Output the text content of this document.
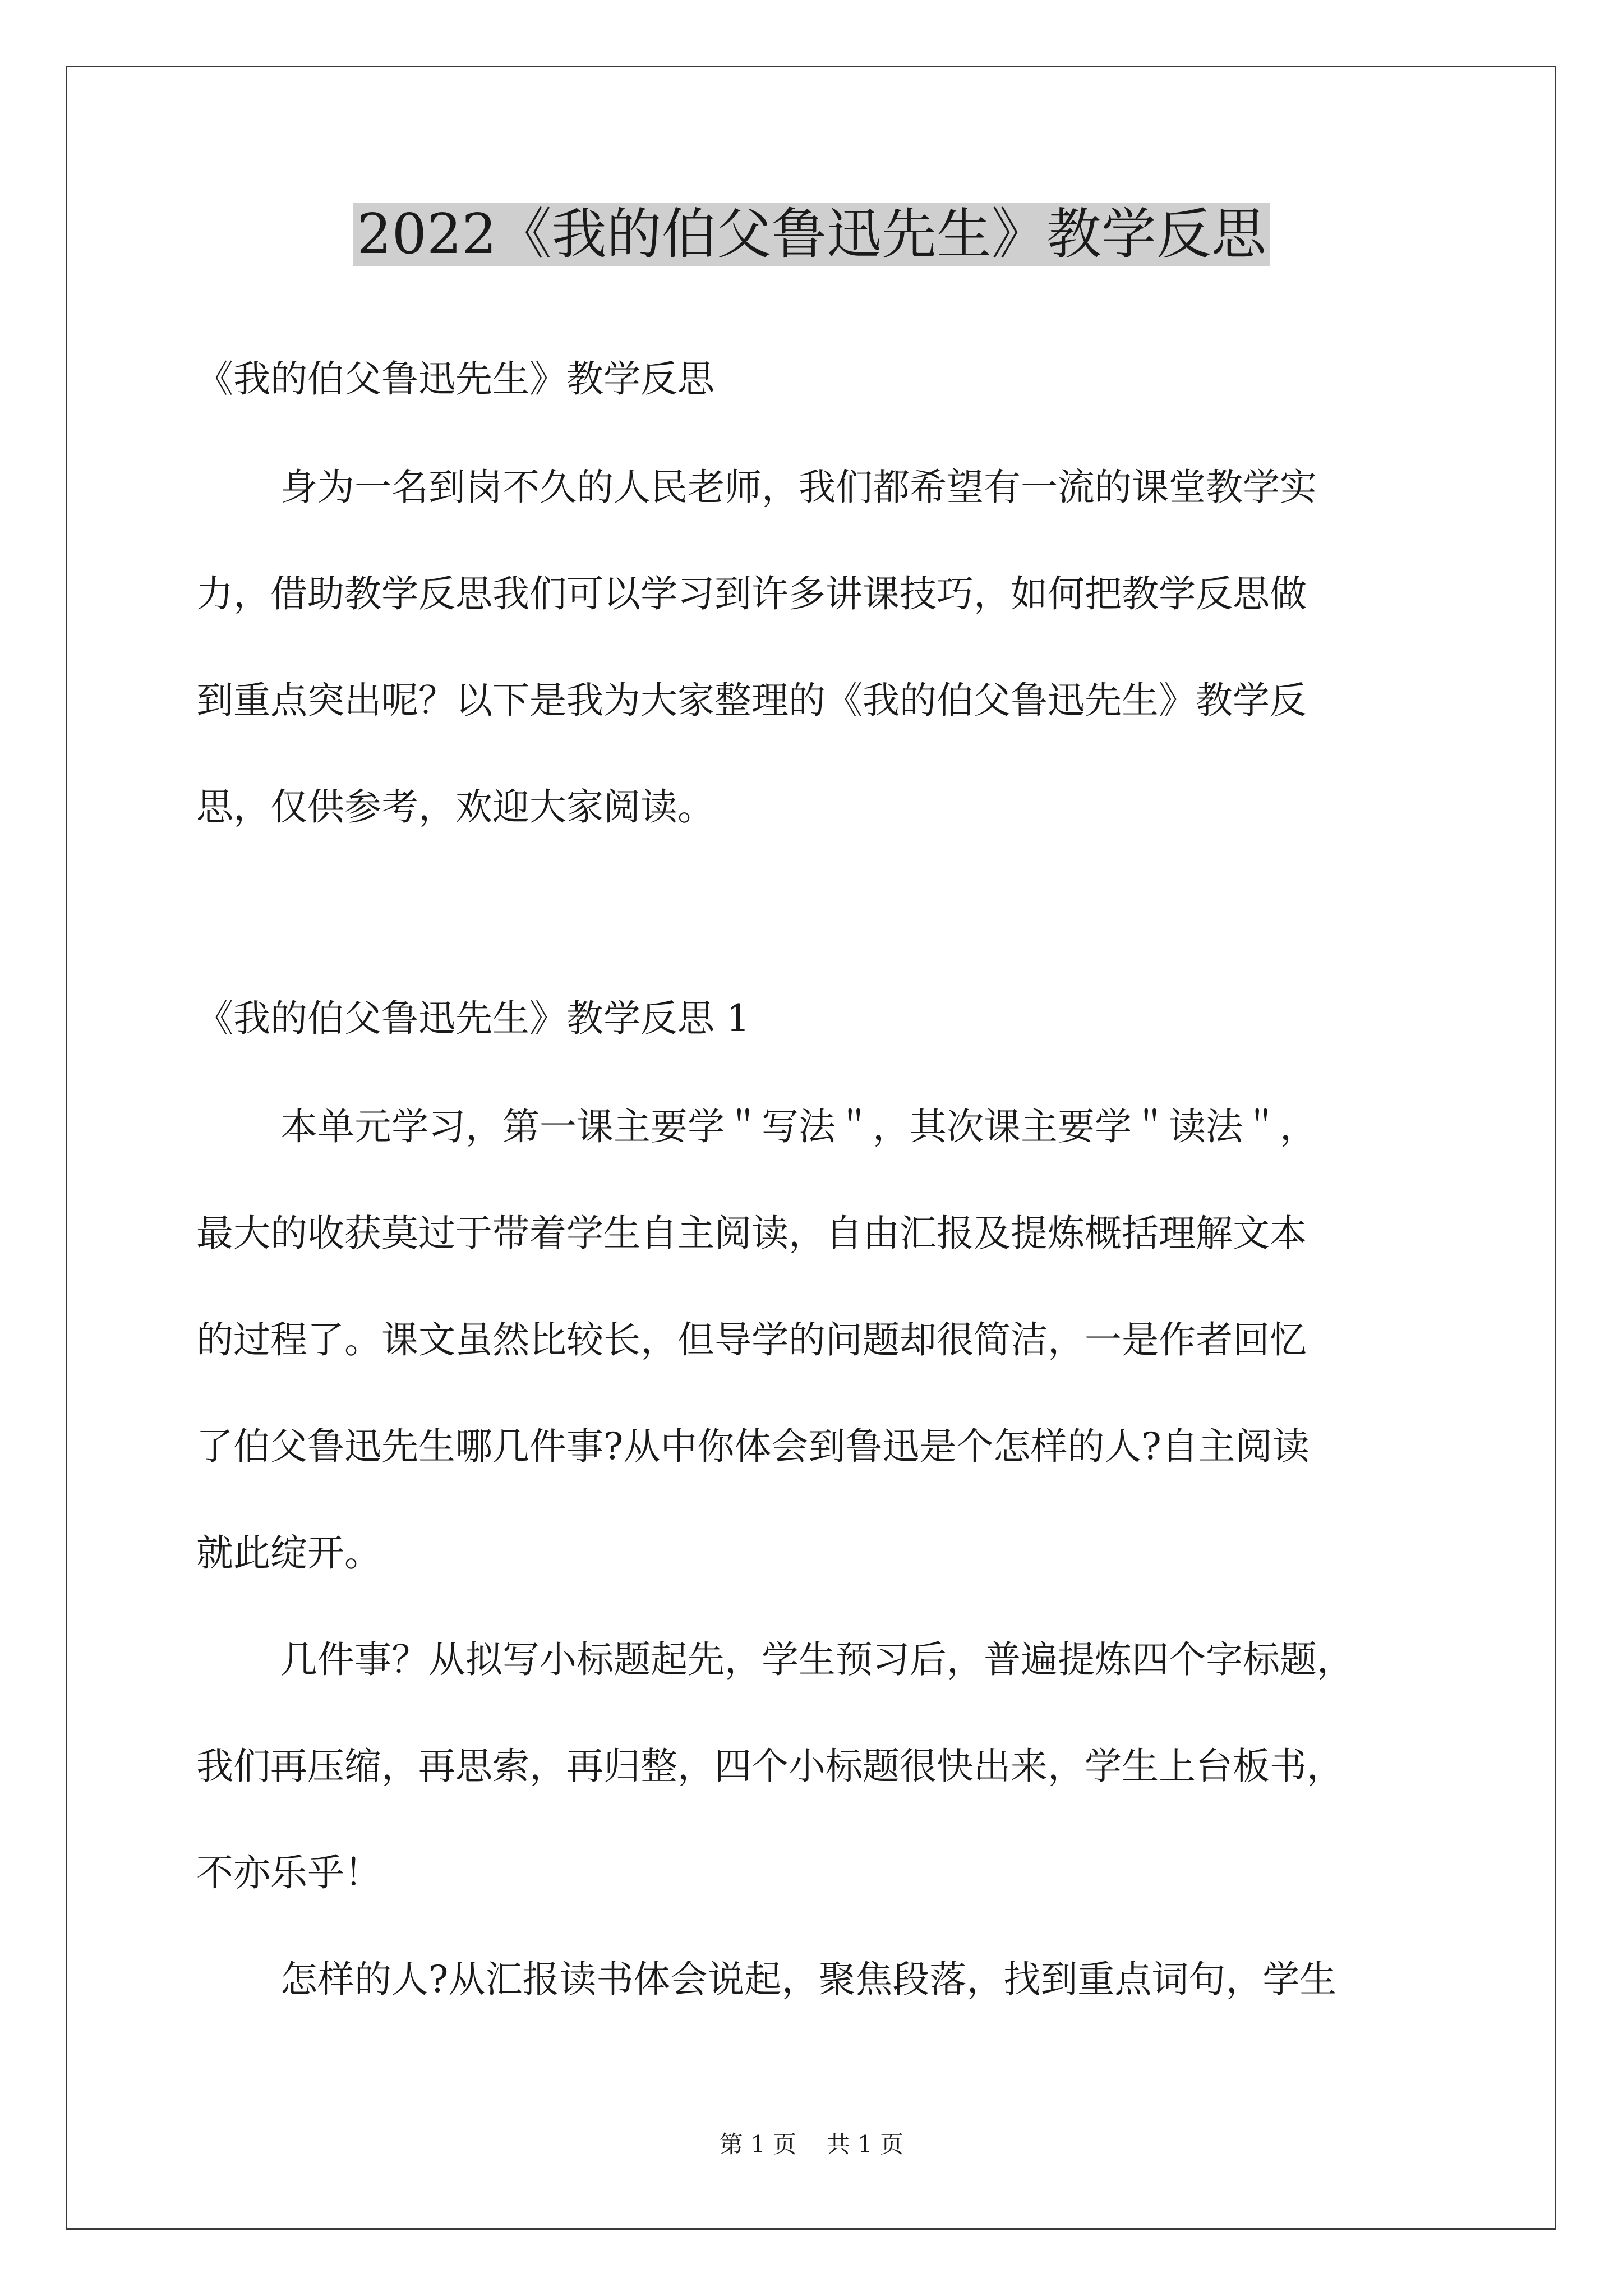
2022《我的伯父鲁迅先生》教学反思
《我的伯父鲁迅先生》教学反思
身为一名到岗不久的人民老师，我们都希望有一流的课堂教学实
力，借助教学反思我们可以学习到许多讲课技巧，如何把教学反思做
到重点突出呢？以下是我为大家整理的《我的伯父鲁迅先生》教学反
思，仅供参考，欢迎大家阅读。
《我的伯父鲁迅先生》教学反思 1
本单元学习，第一课主要学＂写法＂，其次课主要学＂读法＂，
最大的收获莫过于带着学生自主阅读，自由汇报及提炼概括理解文本
的过程了。课文虽然比较长，但导学的问题却很简洁，一是作者回忆
了伯父鲁迅先生哪几件事?从中你体会到鲁迅是个怎样的人?自主阅读
就此绽开。
几件事？从拟写小标题起先，学生预习后，普遍提炼四个字标题，
我们再压缩，再思索，再归整，四个小标题很快出来，学生上台板书，
不亦乐乎！
怎样的人?从汇报读书体会说起，聚焦段落，找到重点词句，学生
第 1 页    共 1 页
